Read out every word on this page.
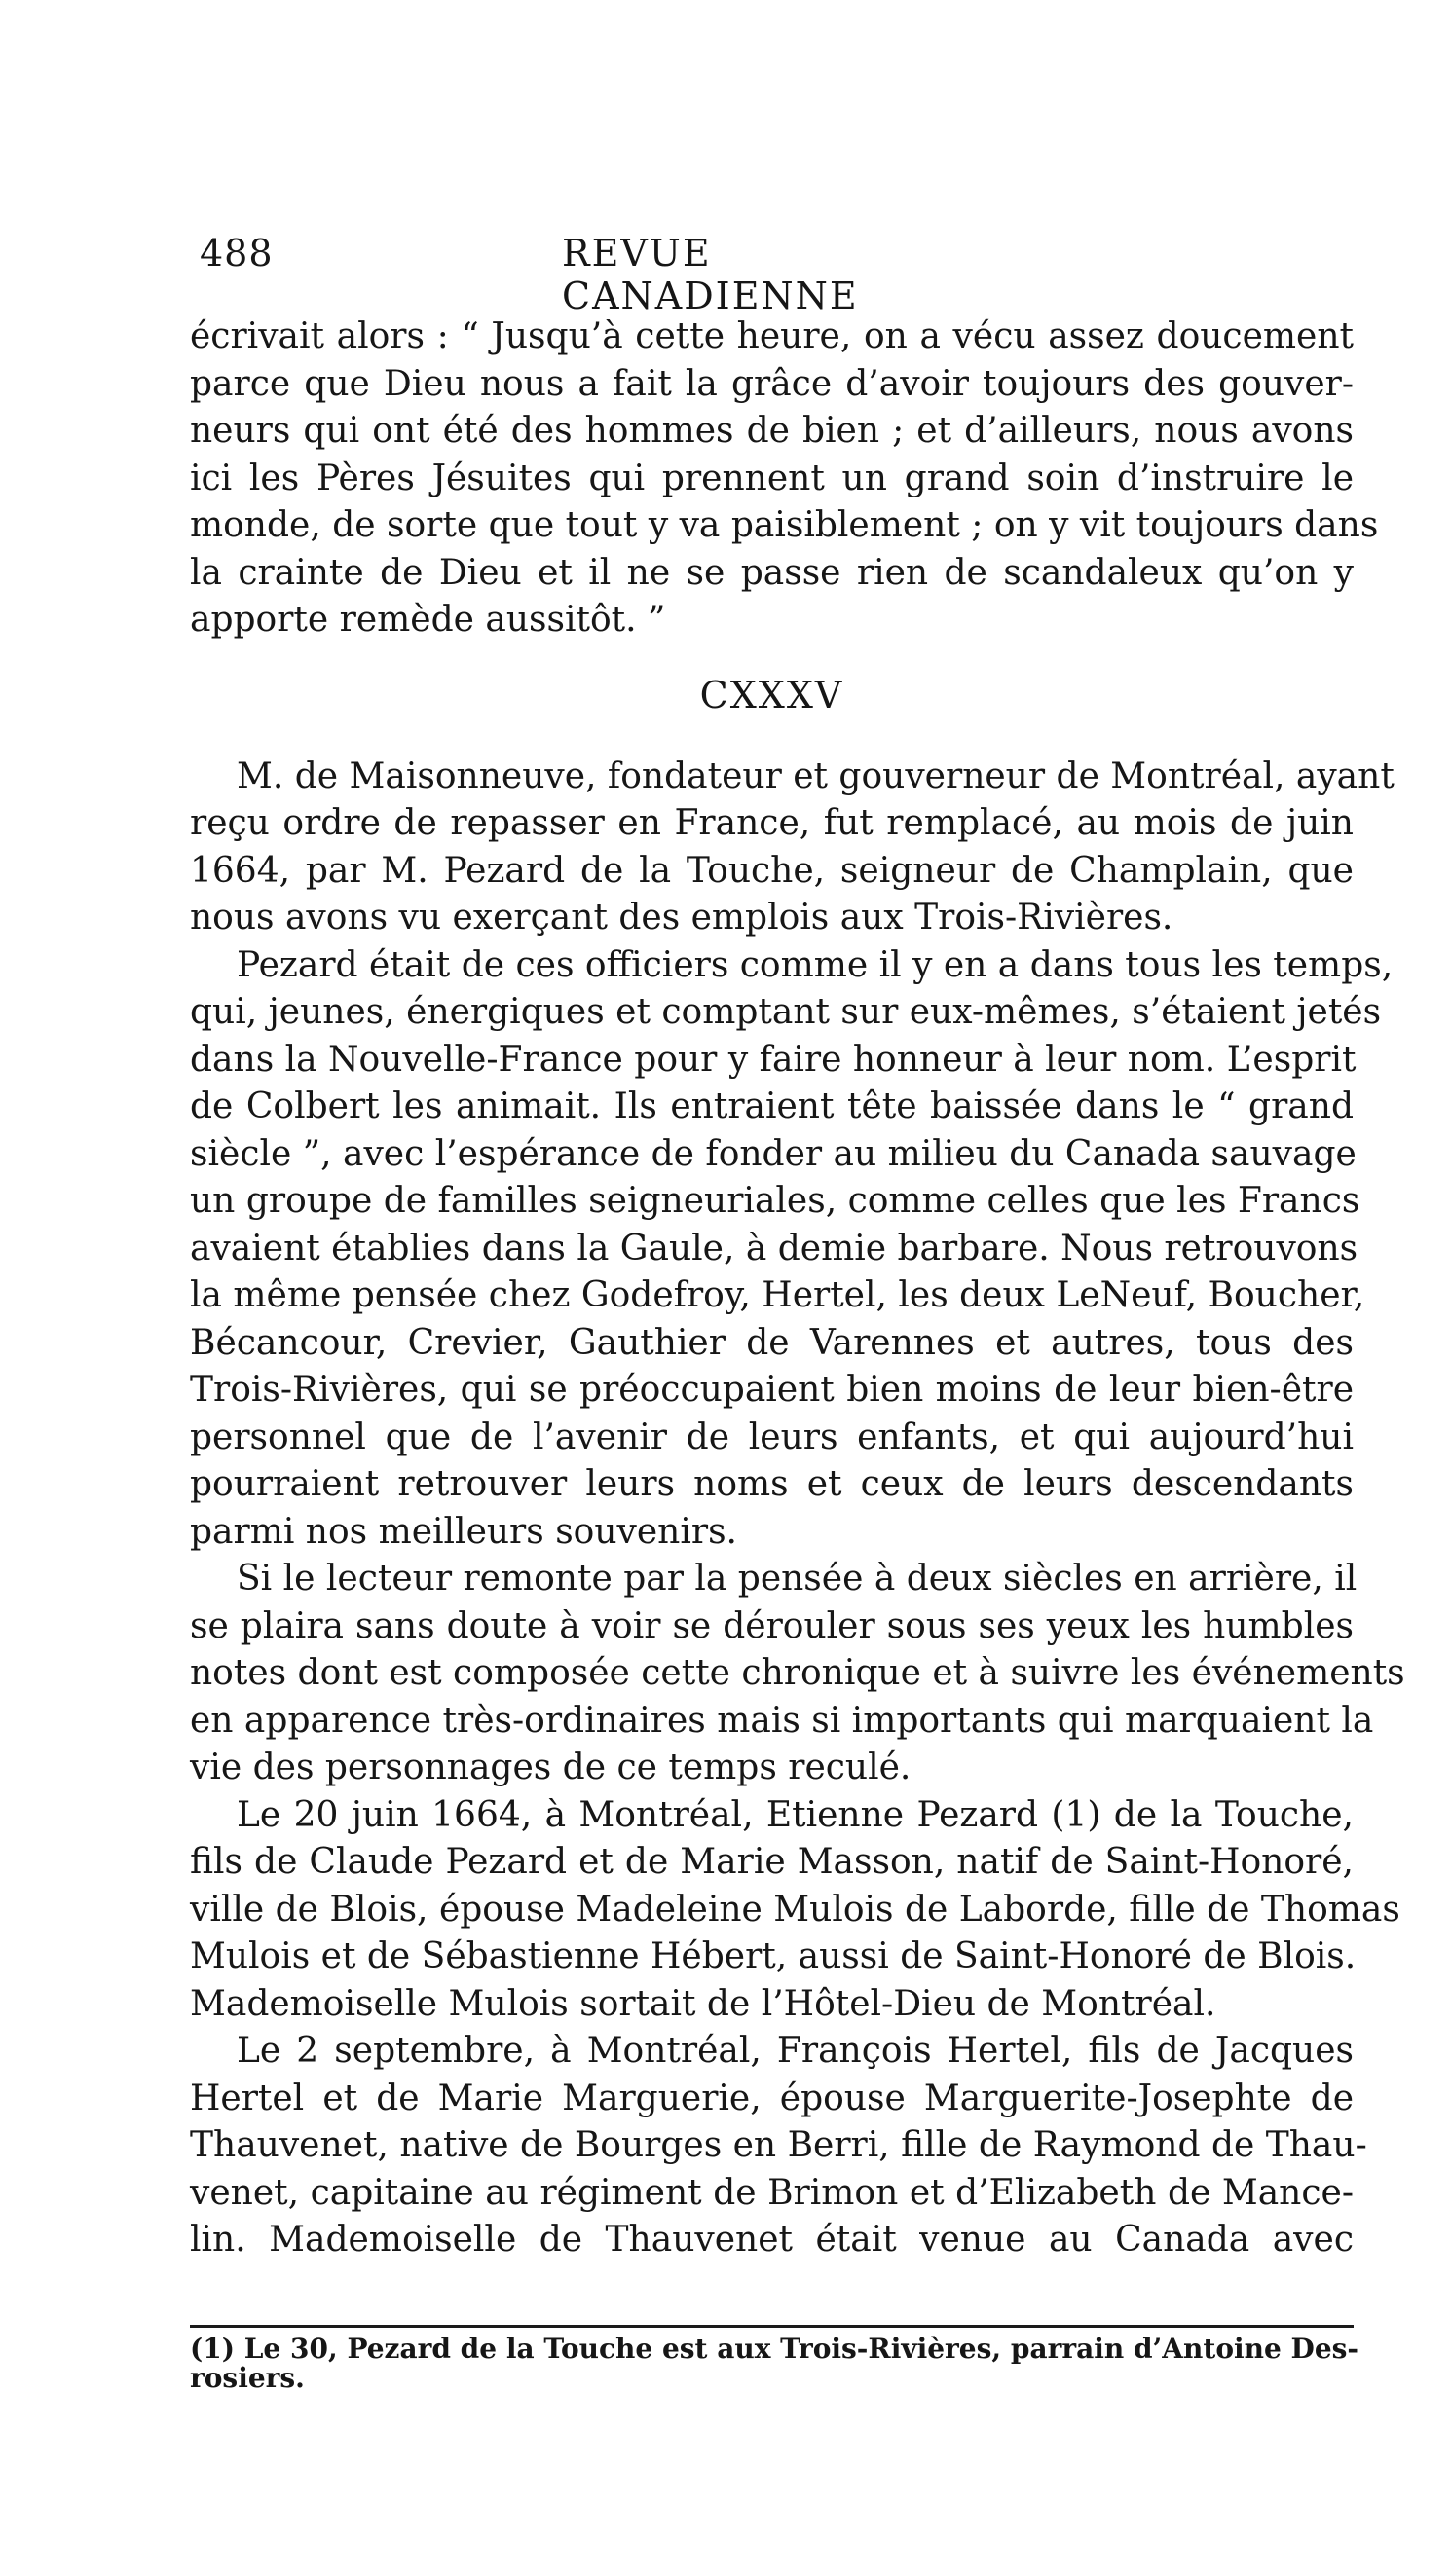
488	REVUE CANADIENNE
écrivait alors : “ Jusqu’à cette heure, on a vécu assez doucement
parce que Dieu nous a fait la grâce d’avoir toujours des gouver-
neurs qui ont été des hommes de bien ; et d’ailleurs, nous avons
ici les Pères Jésuites qui prennent un grand soin d’instruire le
monde, de sorte que tout y va paisiblement ; on y vit toujours dans
la crainte de Dieu et il ne se passe rien de scandaleux qu’on y
apporte remède aussitôt. ”
CXXXV
M. de Maisonneuve, fondateur et gouverneur de Montréal, ayant
reçu ordre de repasser en France, fut remplacé, au mois de juin
1664, par M. Pezard de la Touche, seigneur de Champlain, que
nous avons vu exerçant des emplois aux Trois-Rivières.
Pezard était de ces officiers comme il y en a dans tous les temps,
qui, jeunes, énergiques et comptant sur eux-mêmes, s’étaient jetés
dans la Nouvelle-France pour y faire honneur à leur nom. L’esprit
de Colbert les animait. Ils entraient tête baissée dans le “ grand
siècle ”, avec l’espérance de fonder au milieu du Canada sauvage
un groupe de familles seigneuriales, comme celles que les Francs
avaient établies dans la Gaule, à demie barbare. Nous retrouvons
la même pensée chez Godefroy, Hertel, les deux LeNeuf, Boucher,
Bécancour, Crevier, Gauthier de Varennes et autres, tous des
Trois-Rivières, qui se préoccupaient bien moins de leur bien-être
personnel que de l’avenir de leurs enfants, et qui aujourd’hui
pourraient retrouver leurs noms et ceux de leurs descendants
parmi nos meilleurs souvenirs.
Si le lecteur remonte par la pensée à deux siècles en arrière, il
se plaira sans doute à voir se dérouler sous ses yeux les humbles
notes dont est composée cette chronique et à suivre les événements
en apparence très-ordinaires mais si importants qui marquaient la
vie des personnages de ce temps reculé.
Le 20 juin 1664, à Montréal, Etienne Pezard (1) de la Touche,
fils de Claude Pezard et de Marie Masson, natif de Saint-Honoré,
ville de Blois, épouse Madeleine Mulois de Laborde, fille de Thomas
Mulois et de Sébastienne Hébert, aussi de Saint-Honoré de Blois.
Mademoiselle Mulois sortait de l’Hôtel-Dieu de Montréal.
Le 2 septembre, à Montréal, François Hertel, fils de Jacques
Hertel et de Marie Marguerie, épouse Marguerite-Josephte de
Thauvenet, native de Bourges en Berri, fille de Raymond de Thau-
venet, capitaine au régiment de Brimon et d’Elizabeth de Mance-
lin. Mademoiselle de Thauvenet était venue au Canada avec
(1) Le 30, Pezard de la Touche est aux Trois-Rivières, parrain d’Antoine Des-
rosiers.
